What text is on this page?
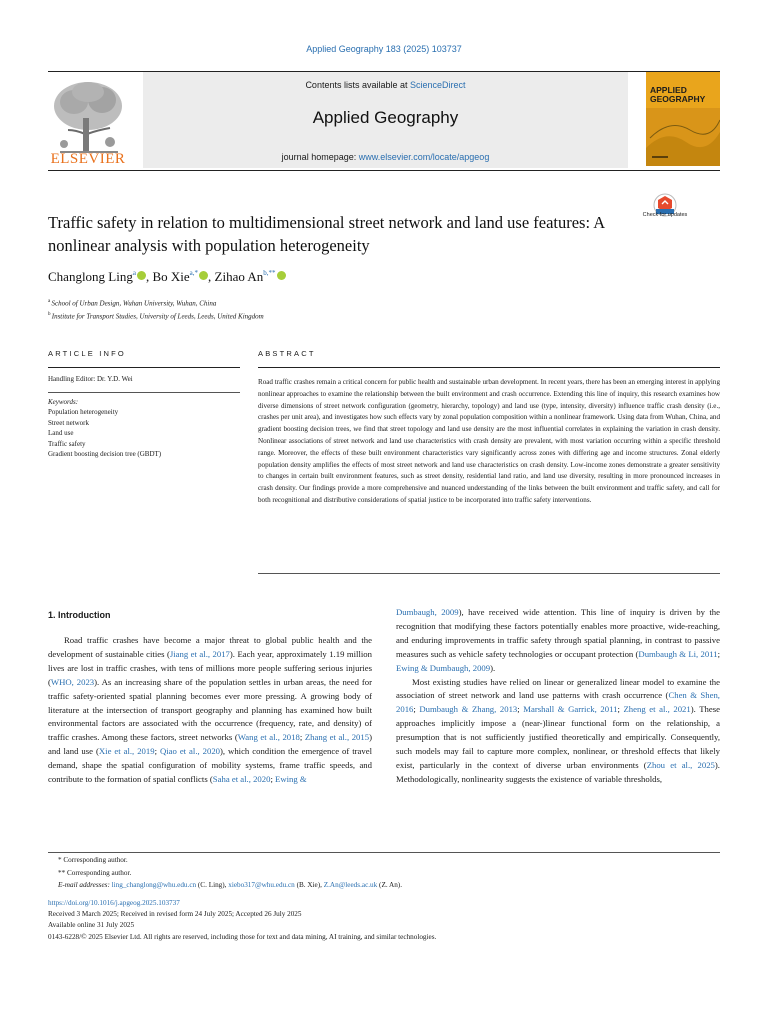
Applied Geography 183 (2025) 103737
ELSEVIER
Contents lists available at ScienceDirect
Applied Geography
journal homepage: www.elsevier.com/locate/apgeog
APPLIED
GEOGRAPHY
Traffic safety in relation to multidimensional street network and land use features: A nonlinear analysis with population heterogeneity
Check for updates
Changlong Ling$^a$ , Bo Xie$^{a,*}$ , Zihao $An^{b,**}$
$^a$ School of Urban Design, Wuhan University, Wuhan, China
$^b$ Institute for Transport Studies, University of Leeds, Leeds, United Kingdom
ARTICLE INFO	ABSTRACT
Handling Editor: Dr. Y.D. Wei
Keywords:
Population heterogeneity
Street network
Land use
Traffic safety
Gradient boosting decision tree (GBDT)
Road traffic crashes remain a critical concern for public health and sustainable urban development. In recent years, there has been an emerging interest in applying nonlinear approaches to examine the relationship between the built environment and crash occurrence. Extending this line of inquiry, this research examines how diverse dimensions of street network configuration (geometry, hierarchy, topology) and land use (type, intensity, diversity) influence traffic crash density (i.e., crashes per unit area), and investigates how such effects vary by zonal population composition within a nonlinear framework. Using data from Wuhan, China, and gradient boosting decision trees, we find that street topology and land use density are the most influential correlates in explaining the variation in crash density. Nonlinear associations of street network and land use characteristics with crash density are prevalent, with most variation occurring within a specific threshold range. Moreover, the effects of these built environment characteristics vary significantly across zones with differing age and income structures. Zonal elderly population density amplifies the effects of most street network and land use characteristics on crash density. Low-income zones demonstrate a greater sensitivity to changes in certain built environment features, such as street density, residential land ratio, and land use diversity, resulting in more pronounced increases in crash density. Our findings provide a more comprehensive and nuanced understanding of the links between the built environment and traffic safety, and call for both recognitional and distributive considerations of spatial justice to be incorporated into traffic safety interventions.
1. Introduction

Road traffic crashes have become a major threat to global public health and the development of sustainable cities (Jiang et al., 2017). Each year, approximately 1.19 million lives are lost in traffic crashes, with tens of millions more people suffering serious injuries (WHO, 2023). As an increasing share of the population settles in urban areas, the need for traffic safety-oriented spatial planning becomes ever more pressing. A growing body of literature at the intersection of transport geography and planning has examined how built environmental factors are associated with the occurrence (frequency, rate, and density) of traffic crashes. Among these factors, street networks (Wang et al., 2018; Zhang et al., 2015) and land use (Xie et al., 2019; Qiao et al., 2020), which condition the emergence of travel demand, shape the spatial configuration of mobility systems, frame traffic speeds, and contribute to the formation of spatial conflicts (Saha et al., 2020; Ewing &

Dumbaugh, 2009), have received wide attention. This line of inquiry is driven by the recognition that modifying these factors potentially enables more proactive, wide-reaching, and enduring improvements in traffic safety through spatial planning, in contrast to passive measures such as vehicle safety technologies or occupant protection (Dumbaugh & Li, 2011; Ewing & Dumbaugh, 2009).

Most existing studies have relied on linear or generalized linear model to examine the association of street network and land use patterns with crash occurrence (Chen & Shen, 2016; Dumbaugh & Zhang, 2013; Marshall & Garrick, 2011; Zheng et al., 2021). These approaches implicitly impose a (near-)linear functional form on the relationship, a presumption that is not sufficiently justified theoretically and empirically. Consequently, such models may fail to capture more complex, nonlinear, or threshold effects that likely exist, particularly in the context of diverse urban environments (Zhou et al., 2025). Methodologically, nonlinearity suggests the existence of variable thresholds,

* Corresponding author.
** Corresponding author.
E-mail addresses: ling_changlong@whu.edu.cn (C. Ling), xiebo317@whu.edu.cn (B. Xie), Z.An@leeds.ac.uk (Z. An).
https://doi.org/10.1016/j.apgeog.2025.103737
Received 3 March 2025; Received in revised form 24 July 2025; Accepted 26 July 2025
Available online 31 July 2025
0143-6228/© 2025 Elsevier Ltd. All rights are reserved, including those for text and data mining, AI training, and similar technologies.
